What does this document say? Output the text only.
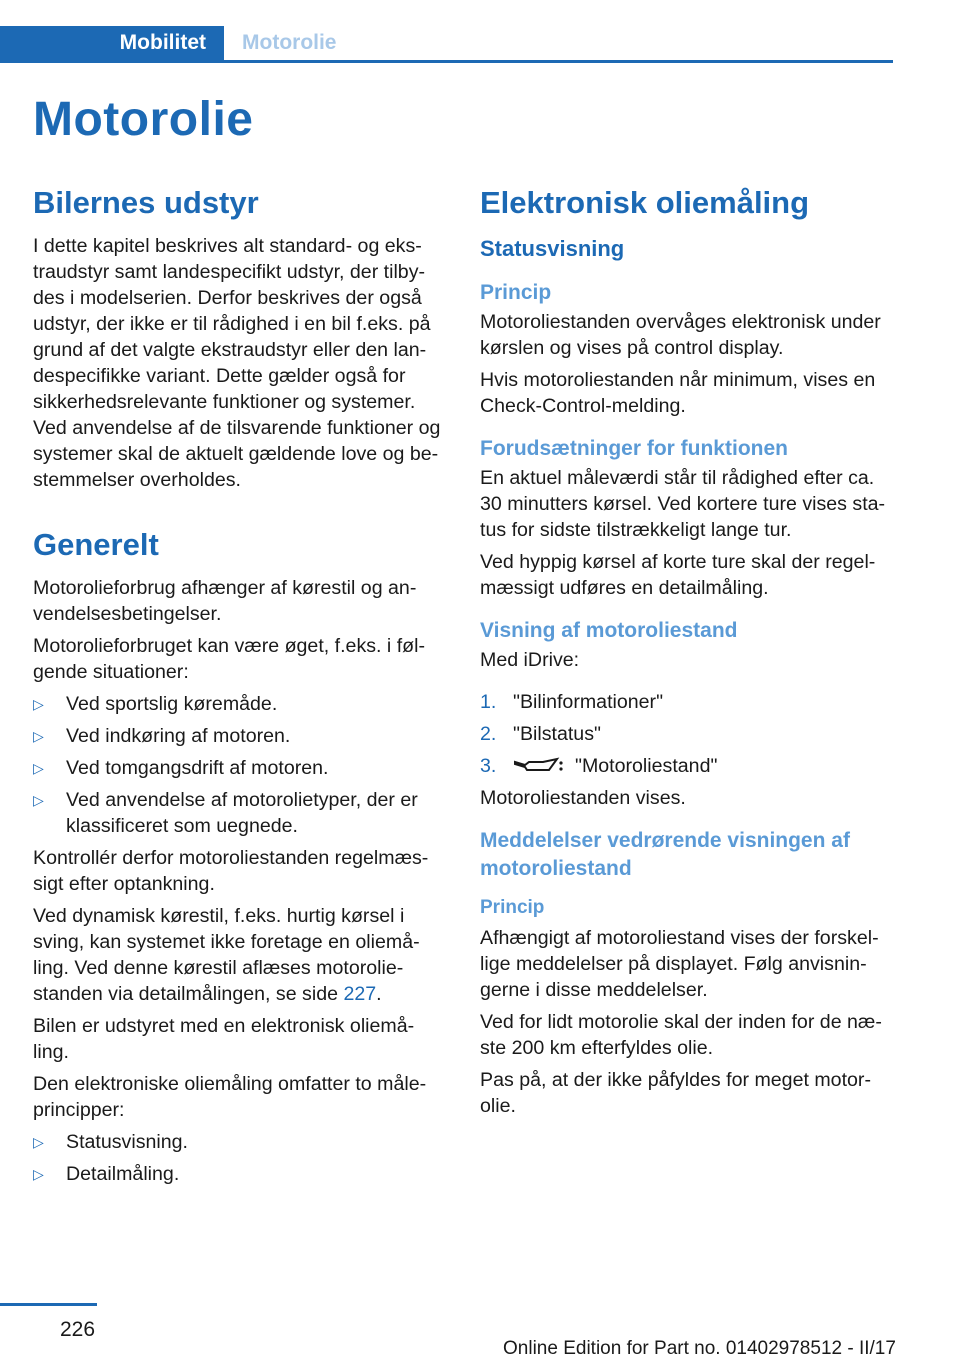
Mobilitet	Motorolie
Motorolie
Bilernes udstyr

I dette kapitel beskrives alt standard- og eks-traudstyr samt landespecifikt udstyr, der tilby-des i modelserien. Derfor beskrives der også udstyr, der ikke er til rådighed i en bil f.eks. på grund af det valgte ekstraudstyr eller den lan-despecifikke variant. Dette gælder også for sikkerhedsrelevante funktioner og systemer. Ved anvendelse af de tilsvarende funktioner og systemer skal de aktuelt gældende love og be-stemmelser overholdes.

Generelt

Motorolieforbrug afhænger af kørestil og an-vendelsesbetingelser.

Motorolieforbruget kan være øget, f.eks. i føl-gende situationer:

▷ Ved sportslig køremåde.
▷ Ved indkøring af motoren.
▷ Ved tomgangsdrift af motoren.
▷ Ved anvendelse af motorolietyper, der er klassificeret som uegnede.

Kontrollér derfor motoroliestanden regelmæs-sigt efter optankning.

Ved dynamisk kørestil, f.eks. hurtig kørsel i sving, kan systemet ikke foretage en oliemå-ling. Ved denne kørestil aflæses motorolie-standen via detailmålingen, se side 227.

Bilen er udstyret med en elektronisk oliemå-ling.

Den elektroniske oliemåling omfatter to måle-principper:

▷ Statusvisning.
▷ Detailmåling.
Elektronisk oliemåling
Statusvisning
Princip

Motoroliestanden overvåges elektronisk under kørslen og vises på control display.

Hvis motoroliestanden når minimum, vises en Check-Control-melding.

Forudsætninger for funktionen

En aktuel måleværdi står til rådighed efter ca. 30 minutters kørsel. Ved kortere ture vises sta-tus for sidste tilstrækkeligt lange tur.

Ved hyppig kørsel af korte ture skal der regel-mæssigt udføres en detailmåling.

Visning af motoroliestand

Med iDrive:

1. "Bilinformationer"
2. "Bilstatus"
3.	"Motoroliestand"

Motoroliestanden vises.

Meddelelser vedrørende visningen af motoroliestand
Princip

Afhængigt af motoroliestand vises der forskel-lige meddelelser på displayet. Følg anvisnin-gerne i disse meddelelser.

Ved for lidt motorolie skal der inden for de næ-ste 200 km efterfyldes olie.

Pas på, at der ikke påfyldes for meget motor-olie.

226
Online Edition for Part no. 01402978512 - II/17
